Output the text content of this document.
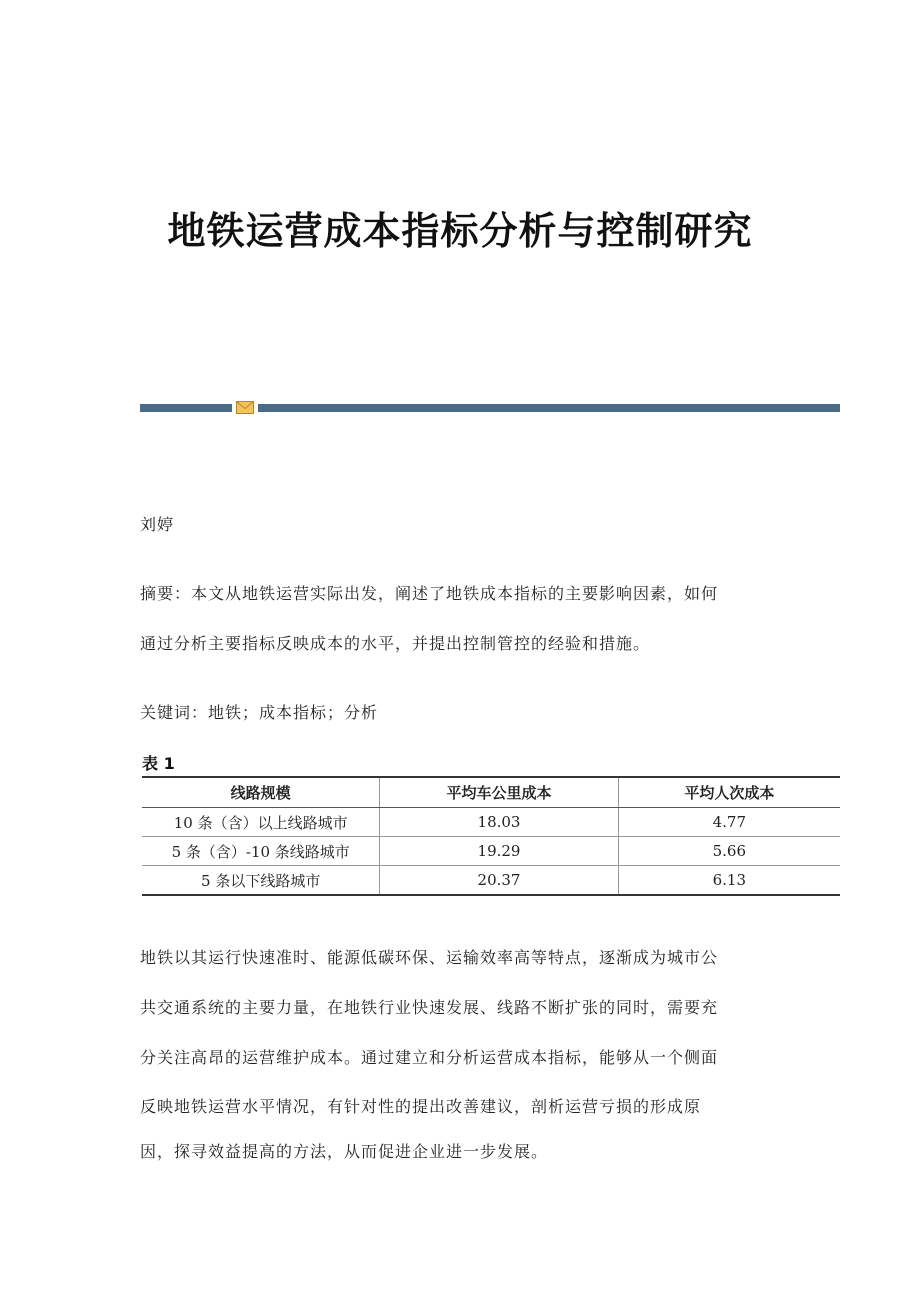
地铁运营成本指标分析与控制研究
刘婷
摘要：本文从地铁运营实际出发，阐述了地铁成本指标的主要影响因素，如何
通过分析主要指标反映成本的水平，并提出控制管控的经验和措施。
关键词：地铁；成本指标；分析
表 1
线路规模	平均车公里成本	平均人次成本
10 条（含）以上线路城市	18.03	4.77
5 条（含）-10 条线路城市	19.29	5.66
5 条以下线路城市	20.37	6.13
地铁以其运行快速准时、能源低碳环保、运输效率高等特点，逐渐成为城市公
共交通系统的主要力量，在地铁行业快速发展、线路不断扩张的同时，需要充
分关注高昂的运营维护成本。通过建立和分析运营成本指标，能够从一个侧面
反映地铁运营水平情况，有针对性的提出改善建议，剖析运营亏损的形成原
因，探寻效益提高的方法，从而促进企业进一步发展。
